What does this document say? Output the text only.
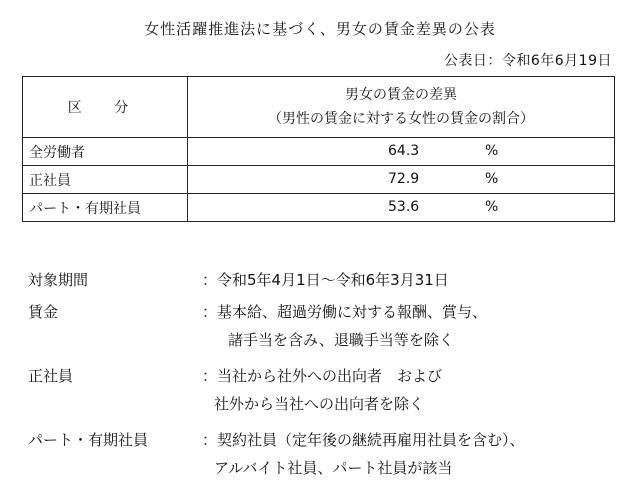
女性活躍推進法に基づく、男女の賃金差異の公表
公表日：令和6年6月19日
区 分	男女の賃金の差異
（男性の賃金に対する女性の賃金の割合）

全労働者	64.3 %

正社員	72.9 %

パート・有期社員	53.6 %
対象期間	：令和5年4月1日～令和6年3月31日
賃金	：基本給、超過労働に対する報酬、賞与、
諸手当を含み、退職手当等を除く
正社員	：当社から社外への出向者　および
社外から当社への出向者を除く
パート・有期社員	：契約社員（定年後の継続再雇用社員を含む）、
アルバイト社員、パート社員が該当
